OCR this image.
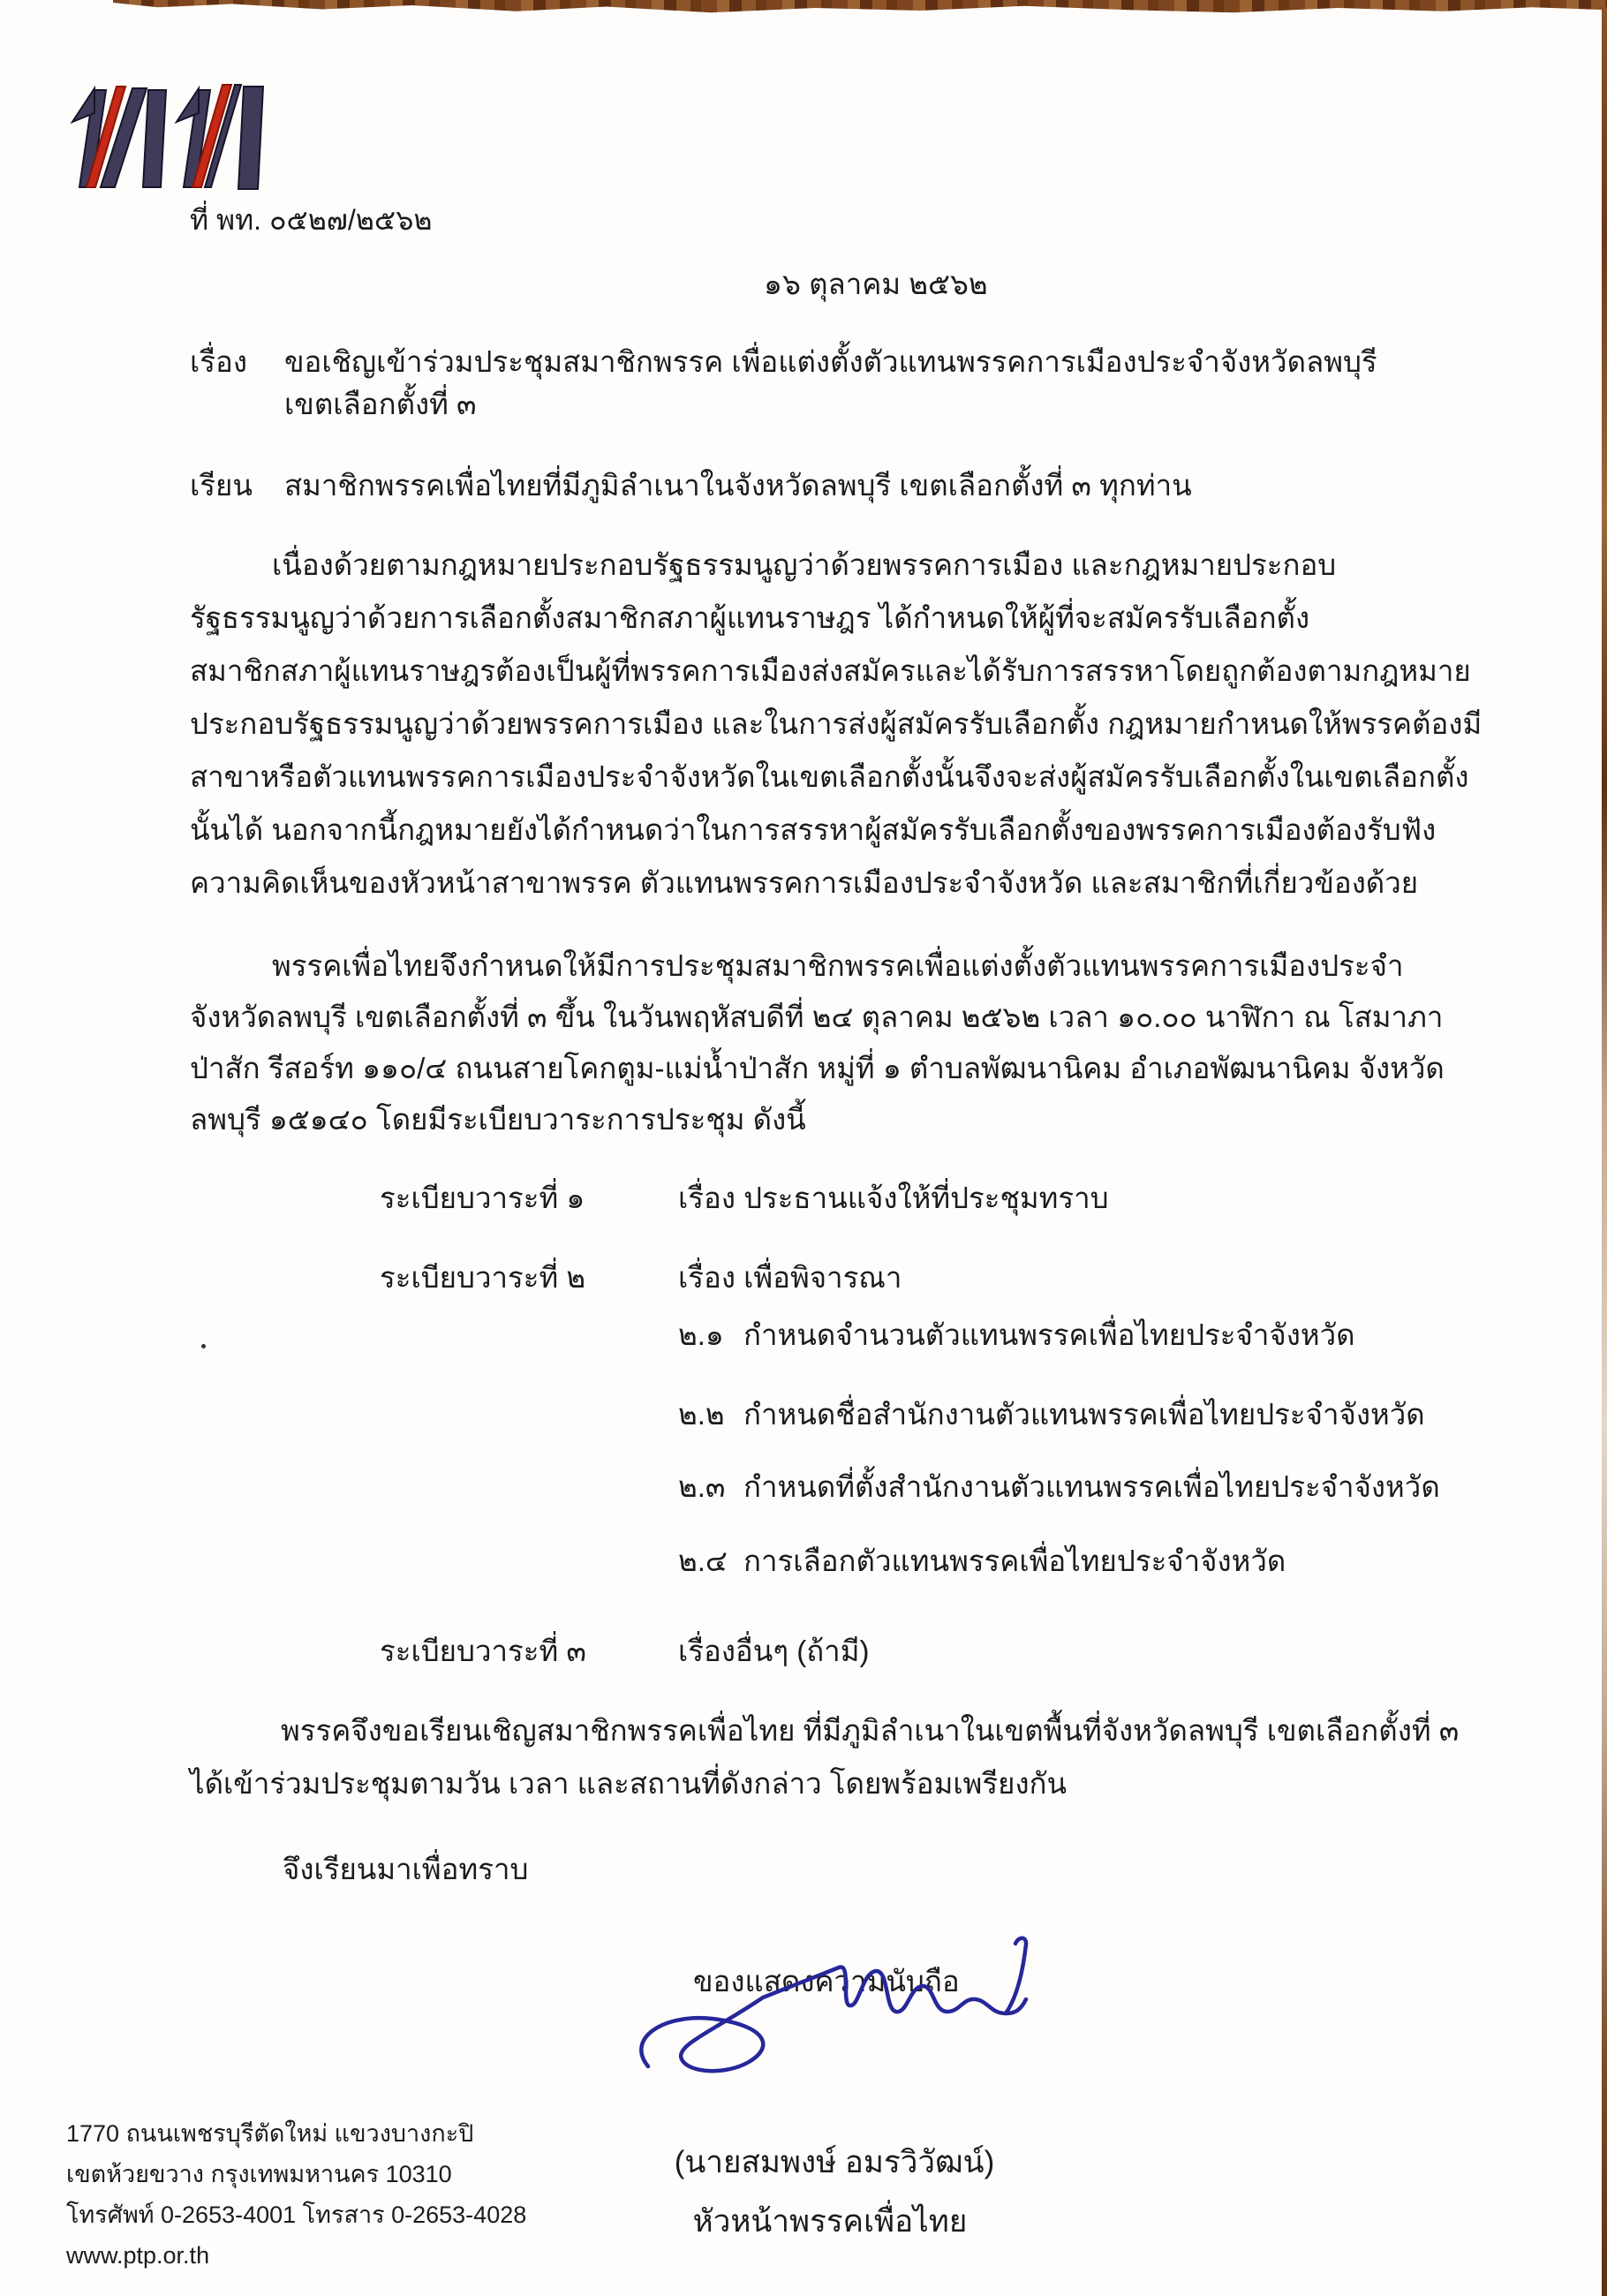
ที่ พท. ๐๕๒๗/๒๕๖๒
๑๖ ตุลาคม ๒๕๖๒
เรื่อง ขอเชิญเข้าร่วมประชุมสมาชิกพรรค เพื่อแต่งตั้งตัวแทนพรรคการเมืองประจำจังหวัดลพบุรี
เขตเลือกตั้งที่ ๓
เรียน สมาชิกพรรคเพื่อไทยที่มีภูมิลำเนาในจังหวัดลพบุรี เขตเลือกตั้งที่ ๓ ทุกท่าน
เนื่องด้วยตามกฎหมายประกอบรัฐธรรมนูญว่าด้วยพรรคการเมือง และกฎหมายประกอบ
รัฐธรรมนูญว่าด้วยการเลือกตั้งสมาชิกสภาผู้แทนราษฎร ได้กำหนดให้ผู้ที่จะสมัครรับเลือกตั้ง
สมาชิกสภาผู้แทนราษฎรต้องเป็นผู้ที่พรรคการเมืองส่งสมัครและได้รับการสรรหาโดยถูกต้องตามกฎหมาย
ประกอบรัฐธรรมนูญว่าด้วยพรรคการเมือง และในการส่งผู้สมัครรับเลือกตั้ง กฎหมายกำหนดให้พรรคต้องมี
สาขาหรือตัวแทนพรรคการเมืองประจำจังหวัดในเขตเลือกตั้งนั้นจึงจะส่งผู้สมัครรับเลือกตั้งในเขตเลือกตั้ง
นั้นได้ นอกจากนี้กฎหมายยังได้กำหนดว่าในการสรรหาผู้สมัครรับเลือกตั้งของพรรคการเมืองต้องรับฟัง
ความคิดเห็นของหัวหน้าสาขาพรรค ตัวแทนพรรคการเมืองประจำจังหวัด และสมาชิกที่เกี่ยวข้องด้วย
พรรคเพื่อไทยจึงกำหนดให้มีการประชุมสมาชิกพรรคเพื่อแต่งตั้งตัวแทนพรรคการเมืองประจำ
จังหวัดลพบุรี เขตเลือกตั้งที่ ๓ ขึ้น ในวันพฤหัสบดีที่ ๒๔ ตุลาคม ๒๕๖๒ เวลา ๑๐.๐๐ นาฬิกา ณ โสมาภา
ป่าสัก รีสอร์ท ๑๑๐/๔ ถนนสายโคกตูม-แม่น้ำป่าสัก หมู่ที่ ๑ ตำบลพัฒนานิคม อำเภอพัฒนานิคม จังหวัด
ลพบุรี ๑๕๑๔๐ โดยมีระเบียบวาระการประชุม ดังนี้
ระเบียบวาระที่ ๑	เรื่อง ประธานแจ้งให้ที่ประชุมทราบ
ระเบียบวาระที่ ๒	เรื่อง เพื่อพิจารณา
๒.๑ กำหนดจำนวนตัวแทนพรรคเพื่อไทยประจำจังหวัด
๒.๒ กำหนดชื่อสำนักงานตัวแทนพรรคเพื่อไทยประจำจังหวัด
๒.๓ กำหนดที่ตั้งสำนักงานตัวแทนพรรคเพื่อไทยประจำจังหวัด
๒.๔ การเลือกตัวแทนพรรคเพื่อไทยประจำจังหวัด
ระเบียบวาระที่ ๓	เรื่องอื่นๆ (ถ้ามี)
พรรคจึงขอเรียนเชิญสมาชิกพรรคเพื่อไทย ที่มีภูมิลำเนาในเขตพื้นที่จังหวัดลพบุรี เขตเลือกตั้งที่ ๓
ได้เข้าร่วมประชุมตามวัน เวลา และสถานที่ดังกล่าว โดยพร้อมเพรียงกัน
จึงเรียนมาเพื่อทราบ
ของแสดงความนับถือ
(นายสมพงษ์ อมรวิวัฒน์)
หัวหน้าพรรคเพื่อไทย
1770 ถนนเพชรบุรีตัดใหม่ แขวงบางกะปิ
เขตห้วยขวาง กรุงเทพมหานคร 10310
โทรศัพท์ 0-2653-4001 โทรสาร 0-2653-4028
www.ptp.or.th
